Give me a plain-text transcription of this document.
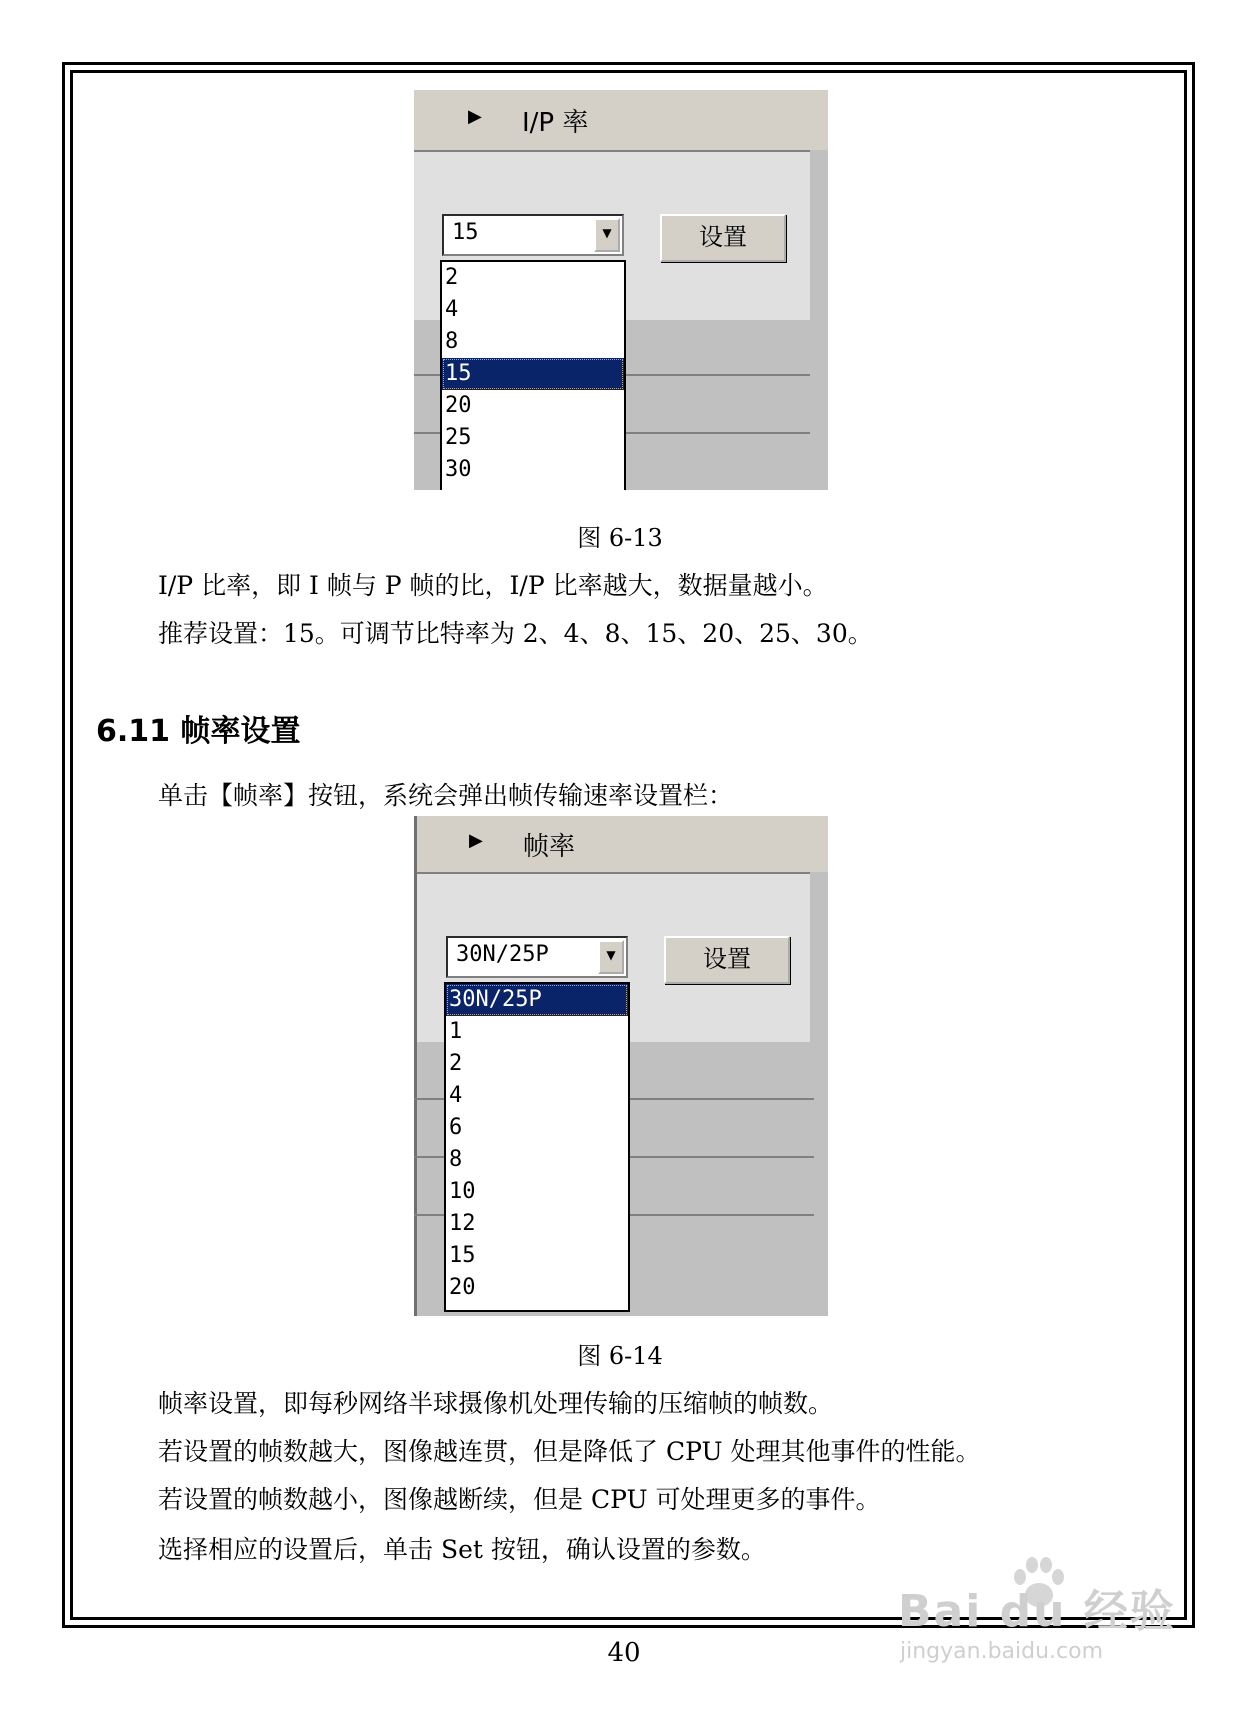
▶ I/P 率
15	▼	设置
2
4
8
15
20
25
30
图 6-13
I/P 比率，即 I 帧与 P 帧的比，I/P 比率越大，数据量越小。
推荐设置：15。可调节比特率为 2、4、8、15、20、25、30。
6.11 帧率设置
单击【帧率】按钮，系统会弹出帧传输速率设置栏：
▶ 帧率
30N/25P	▼	设置
30N/25P
1
2
4
6
8
10
12
15
20
图 6-14
帧率设置，即每秒网络半球摄像机处理传输的压缩帧的帧数。
若设置的帧数越大，图像越连贯，但是降低了 CPU 处理其他事件的性能。
若设置的帧数越小，图像越断续，但是 CPU 可处理更多的事件。
选择相应的设置后，单击 Set 按钮，确认设置的参数。
40
Bai du 经验
jingyan.baidu.com
